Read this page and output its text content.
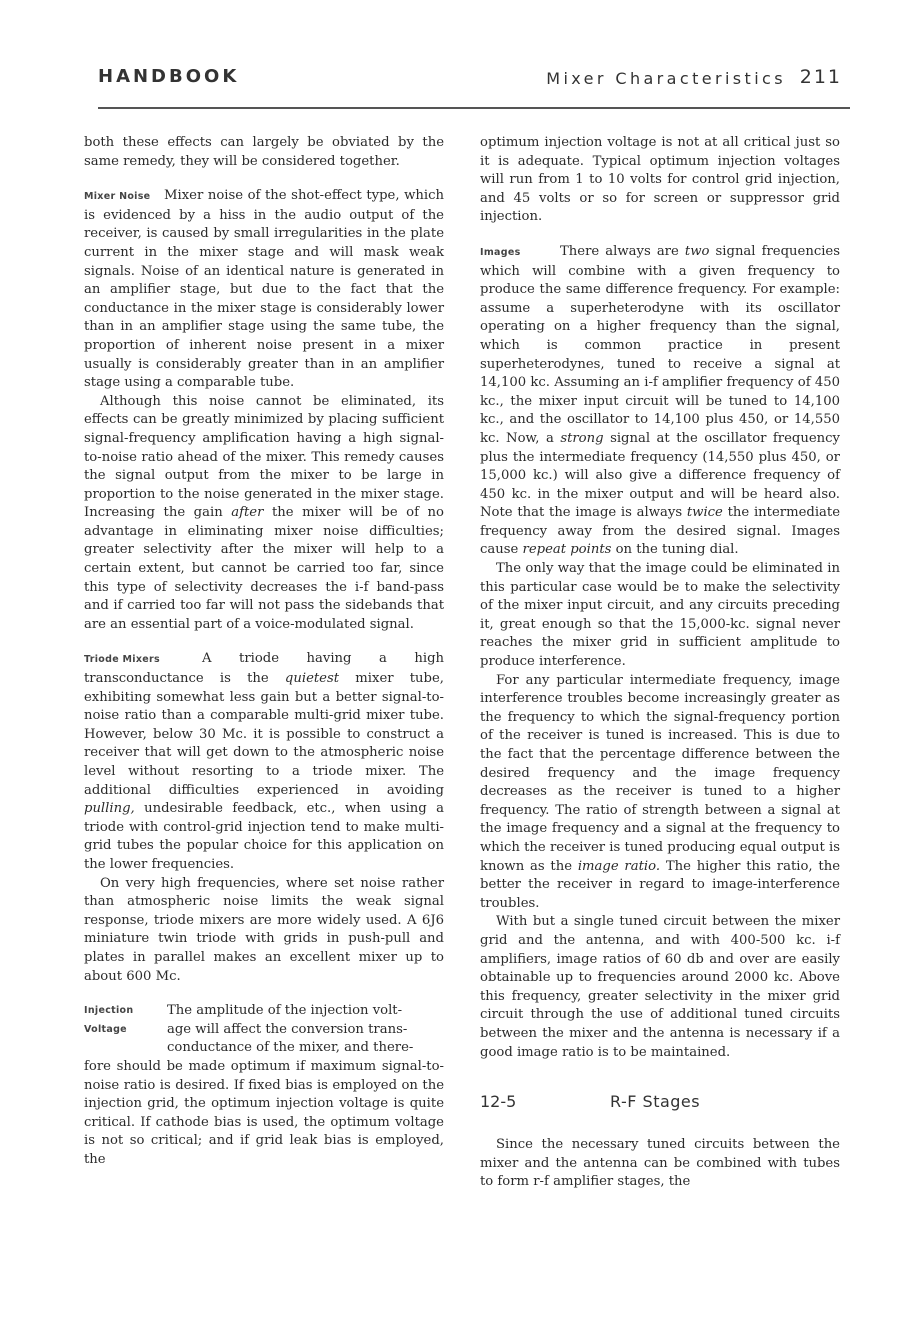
HANDBOOK	Mixer Characteristics 211

both these effects can largely be obviated by the same remedy, they will be considered together.

Mixer Noise Mixer noise of the shot-effect type, which is evidenced by a hiss in the audio output of the receiver, is caused by small irregularities in the plate current in the mixer stage and will mask weak signals. Noise of an identical nature is generated in an amplifier stage, but due to the fact that the conductance in the mixer stage is considerably lower than in an amplifier stage using the same tube, the proportion of inherent noise present in a mixer usually is considerably greater than in an amplifier stage using a comparable tube.

Although this noise cannot be eliminated, its effects can be greatly minimized by placing sufficient signal-frequency amplification having a high signal-to-noise ratio ahead of the mixer. This remedy causes the signal output from the mixer to be large in proportion to the noise generated in the mixer stage. Increasing the gain after the mixer will be of no advantage in eliminating mixer noise difficulties; greater selectivity after the mixer will help to a certain extent, but cannot be carried too far, since this type of selectivity decreases the i-f band-pass and if carried too far will not pass the sidebands that are an essential part of a voice-modulated signal.

Triode Mixers	A triode having a high transconductance is the quietest mixer tube, exhibiting somewhat less gain but a better signal-to-noise ratio than a comparable multi-grid mixer tube. However, below 30 Mc. it is possible to construct a receiver that will get down to the atmospheric noise level without resorting to a triode mixer. The additional difficulties experienced in avoiding pulling, undesirable feedback, etc., when using a triode with control-grid injection tend to make multi-grid tubes the popular choice for this application on the lower frequencies.

On very high frequencies, where set noise rather than atmospheric noise limits the weak signal response, triode mixers are more widely used. A 6J6 miniature twin triode with grids in push-pull and plates in parallel makes an excellent mixer up to about 600 Mc.

Injection
Voltage

The amplitude of the injection volt-

age will affect the conversion trans-

conductance of the mixer, and there-

fore should be made optimum if maximum signal-to-noise ratio is desired. If fixed bias is employed on the injection grid, the optimum injection voltage is quite critical. If cathode bias is used, the optimum voltage is not so critical; and if grid leak bias is employed, the

optimum injection voltage is not at all critical just so it is adequate. Typical optimum injection voltages will run from 1 to 10 volts for control grid injection, and 45 volts or so for screen or suppressor grid injection.

Images	There always are two signal frequencies which will combine with a given frequency to produce the same difference frequency. For example: assume a superheterodyne with its oscillator operating on a higher frequency than the signal, which is common practice in present superheterodynes, tuned to receive a signal at 14,100 kc. Assuming an i-f amplifier frequency of 450 kc., the mixer input circuit will be tuned to 14,100 kc., and the oscillator to 14,100 plus 450, or 14,550 kc. Now, a strong signal at the oscillator frequency plus the intermediate frequency (14,550 plus 450, or 15,000 kc.) will also give a difference frequency of 450 kc. in the mixer output and will be heard also. Note that the image is always twice the intermediate frequency away from the desired signal. Images cause repeat points on the tuning dial.

The only way that the image could be eliminated in this particular case would be to make the selectivity of the mixer input circuit, and any circuits preceding it, great enough so that the 15,000-kc. signal never reaches the mixer grid in sufficient amplitude to produce interference.

For any particular intermediate frequency, image interference troubles become increasingly greater as the frequency to which the signal-frequency portion of the receiver is tuned is increased. This is due to the fact that the percentage difference between the desired frequency and the image frequency decreases as the receiver is tuned to a higher frequency. The ratio of strength between a signal at the image frequency and a signal at the frequency to which the receiver is tuned producing equal output is known as the image ratio. The higher this ratio, the better the receiver in regard to image-interference troubles.

With but a single tuned circuit between the mixer grid and the antenna, and with 400-500 kc. i-f amplifiers, image ratios of 60 db and over are easily obtainable up to frequencies around 2000 kc. Above this frequency, greater selectivity in the mixer grid circuit through the use of additional tuned circuits between the mixer and the antenna is necessary if a good image ratio is to be maintained.

12-5	R-F Stages

Since the necessary tuned circuits between the mixer and the antenna can be combined with tubes to form r-f amplifier stages, the
